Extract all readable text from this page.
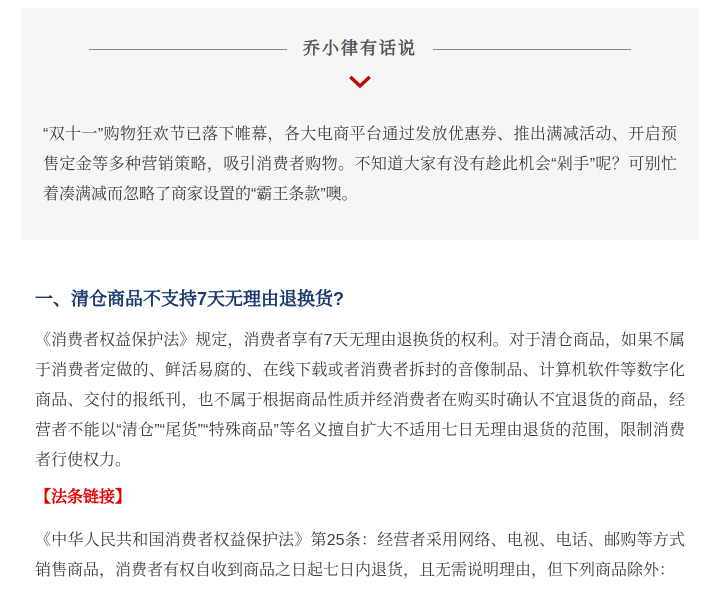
乔小律有话说
“双十一”购物狂欢节已落下帷幕，各大电商平台通过发放优惠券、推出满减活动、开启预售定金等多种营销策略，吸引消费者购物。不知道大家有没有趁此机会“剁手”呢？可别忙着凑满减而忽略了商家设置的“霸王条款”噢。
一、清仓商品不支持7天无理由退换货?

《消费者权益保护法》规定，消费者享有7天无理由退换货的权利。对于清仓商品，如果不属于消费者定做的、鲜活易腐的、在线下载或者消费者拆封的音像制品、计算机软件等数字化商品、交付的报纸刊，也不属于根据商品性质并经消费者在购买时确认不宜退货的商品，经营者不能以“清仓”“尾货”“特殊商品”等名义擅自扩大不适用七日无理由退货的范围，限制消费者行使权力。

【法条链接】

《中华人民共和国消费者权益保护法》第25条：经营者采用网络、电视、电话、邮购等方式销售商品，消费者有权自收到商品之日起七日内退货，且无需说明理由，但下列商品除外：
